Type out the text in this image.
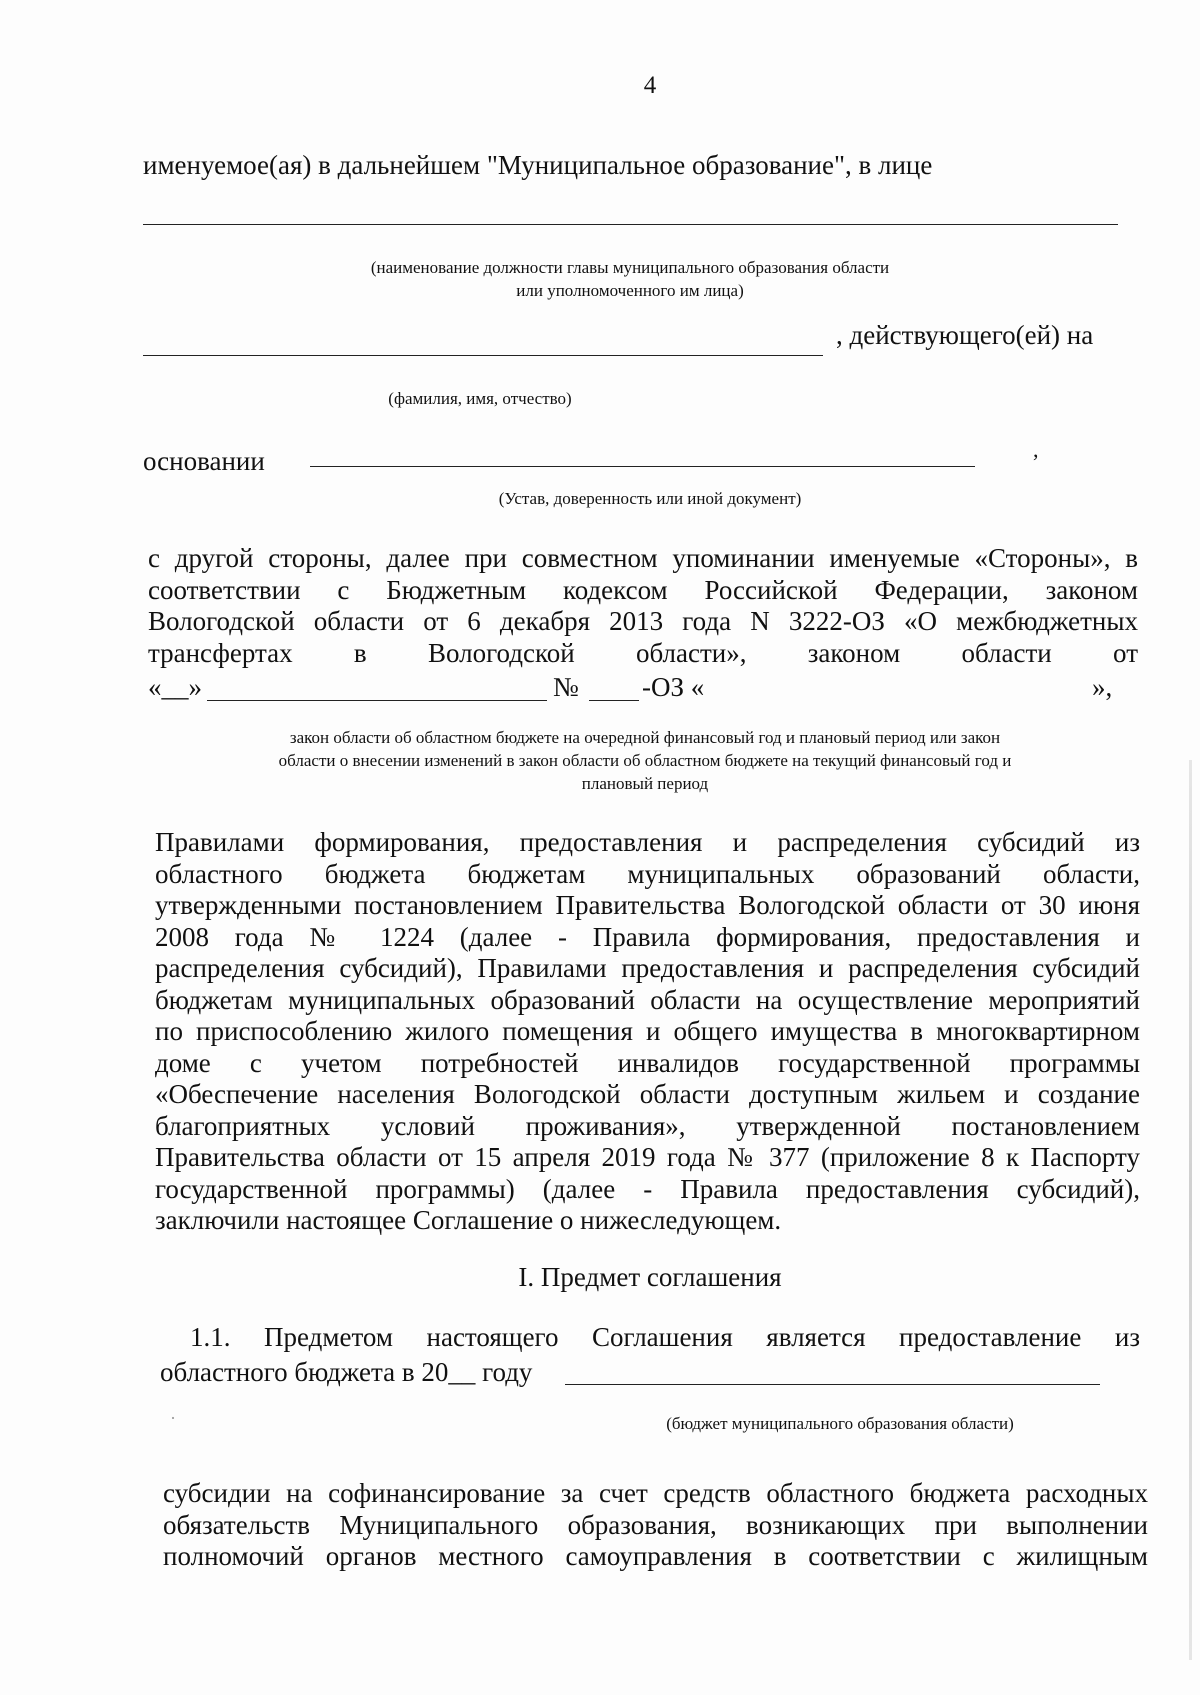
4
именуемое(ая) в дальнейшем "Муниципальное образование", в лице
(наименование должности главы муниципального образования области
или уполномоченного им лица)
, действующего(ей) на
(фамилия, имя, отчество)
основании	,
(Устав, доверенность или иной документ)
с другой стороны, далее при совместном упоминании именуемые «Стороны», в
соответствии с Бюджетным кодексом Российской Федерации, законом
Вологодской области от 6 декабря 2013 года N 3222-ОЗ «О межбюджетных
трансфертах в Вологодской области», законом области от
«__»	№ -ОЗ «	»,
закон области об областном бюджете на очередной финансовый год и плановый период или закон
области о внесении изменений в закон области об областном бюджете на текущий финансовый год и
плановый период
Правилами формирования, предоставления и распределения субсидий из
областного бюджета бюджетам муниципальных образований области,
утвержденными постановлением Правительства Вологодской области от 30 июня
2008 года № 1224 (далее - Правила формирования, предоставления и
распределения субсидий), Правилами предоставления и распределения субсидий
бюджетам муниципальных образований области на осуществление мероприятий
по приспособлению жилого помещения и общего имущества в многоквартирном
доме с учетом потребностей инвалидов государственной программы
«Обеспечение населения Вологодской области доступным жильем и создание
благоприятных условий проживания», утвержденной постановлением
Правительства области от 15 апреля 2019 года № 377 (приложение 8 к Паспорту
государственной программы) (далее - Правила предоставления субсидий),
заключили настоящее Соглашение о нижеследующем.
I. Предмет соглашения
1.1. Предметом настоящего Соглашения является предоставление из
областного бюджета в 20__ году
·	(бюджет муниципального образования области)
субсидии на софинансирование за счет средств областного бюджета расходных
обязательств Муниципального образования, возникающих при выполнении
полномочий органов местного самоуправления в соответствии с жилищным
